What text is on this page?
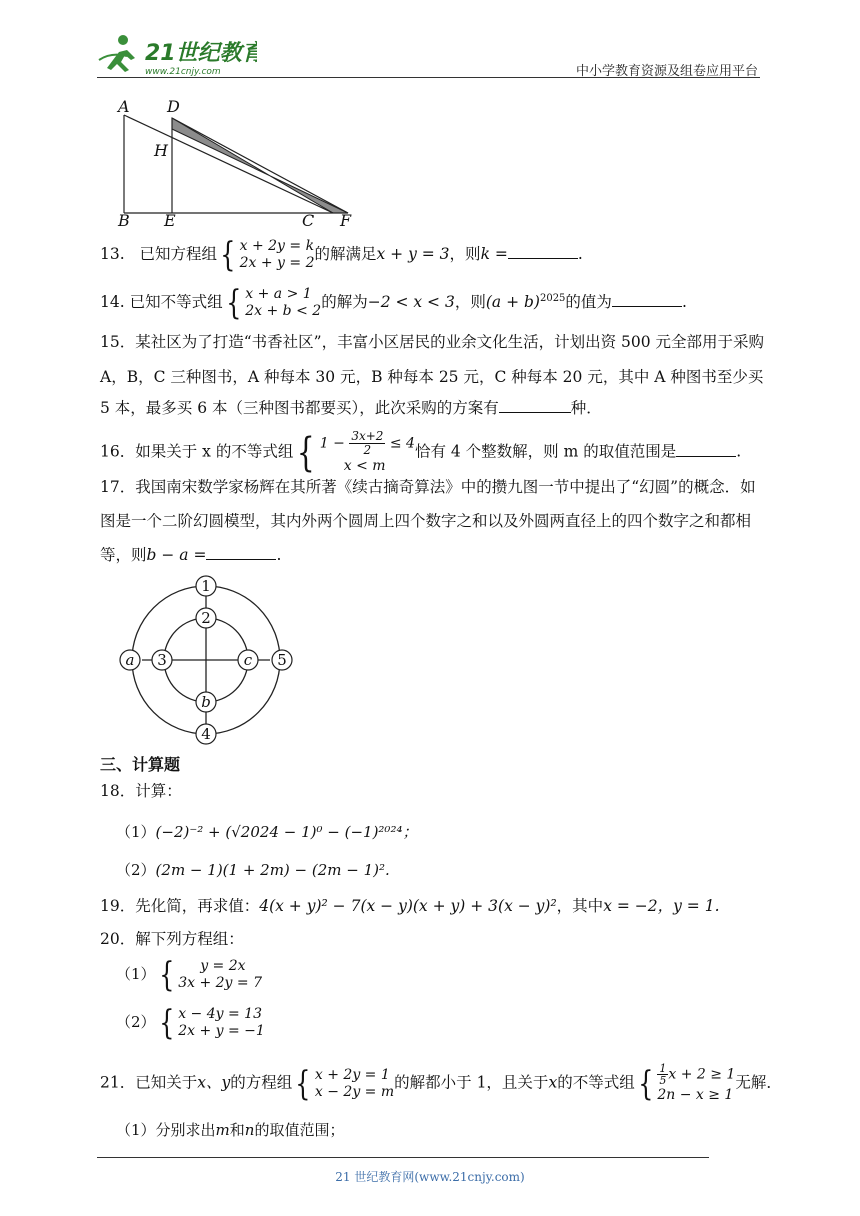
21世纪教育
www.21cnjy.com	中小学教育资源及组卷应用平台
A D
H
B E	C F
13. 已知方程组 { x + 2y = k
2x + y = 2 的解满足x + y = 3，则k =	.
14. 已知不等式组 { x + a > 1
2x + b < 2 的解为−2 < x < 3，则$(a + b)^{2025}$的值为	.
15．某社区为了打造“书香社区”，丰富小区居民的业余文化生活，计划出资 500 元全部用于采购
A，B，C 三种图书，A 种每本 30 元，B 种每本 25 元，C 种每本 20 元，其中 A 种图书至少买
5 本，最多买 6 本（三种图书都要买），此次采购的方案有	种．
16．如果关于 x 的不等式组 { $1 - \frac{3x+2}{2} \le 4$
x < m
恰有 4 个整数解，则 m 的取值范围是	.
17．我国南宋数学家杨辉在其所著《续古摘奇算法》中的攒九图一节中提出了“幻圆”的概念．如
图是一个二阶幻圆模型，其内外两个圆周上四个数字之和以及外圆两直径上的四个数字之和都相
等，则b − a =	.
1
2
a 3	c 5
b
4
三、计算题
18．计算：
（1）(−2)⁻² + (√2024 − 1)⁰ − (−1)²⁰²⁴；
（2）(2m − 1)(1 + 2m) − (2m − 1)².
19．先化简，再求值：4(x + y)² − 7(x − y)(x + y) + 3(x − y)²，其中x = −2，y = 1.
20．解下列方程组：
（1） {	y = 2x
3x + 2y = 7
（2） { x − 4y = 13
2x + y = −1
21．已知关于x、y的方程组 { x + 2y = 1
x − 2y = m 的解都小于 1，且关于x的不等式组 { $\frac{1}{5}$ x + 2 ≥ 1
2n − x ≥ 1
无解．
（1）分别求出m和n的取值范围；
21 世纪教育网(www.21cnjy.com)
